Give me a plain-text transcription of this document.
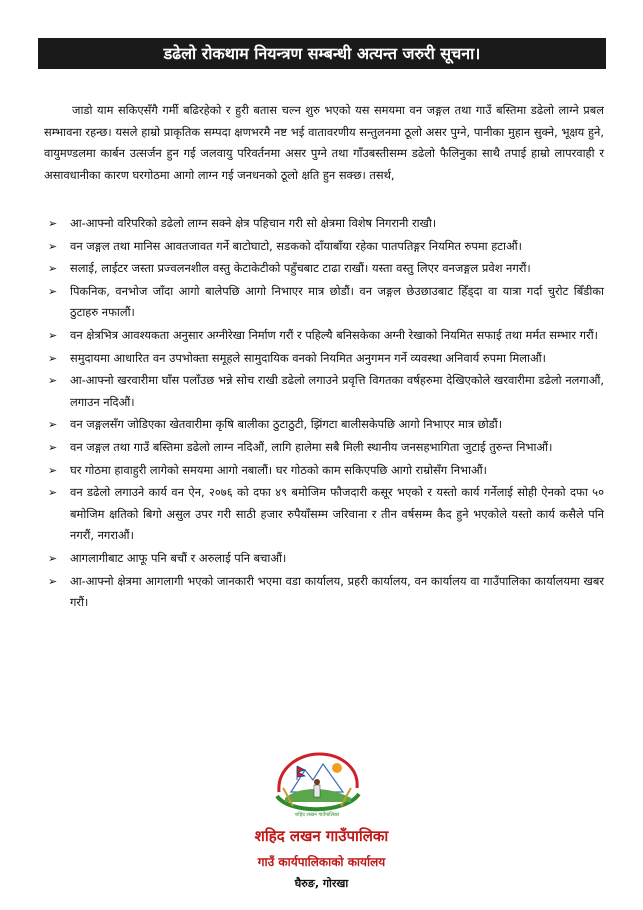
डढेलो रोकथाम नियन्त्रण सम्बन्धी अत्यन्त जरुरी सूचना।

जाडो याम सकिएसँगै गर्मी बढिरहेको र हुरी बतास चल्न शुरु भएको यस समयमा वन जङ्गल तथा गाउँ बस्तिमा डढेलो लाग्ने प्रबल सम्भावना रहन्छ। यसले हाम्रो प्राकृतिक सम्पदा क्षणभरमै नष्ट भई वातावरणीय सन्तुलनमा ठूलो असर पुग्ने, पानीका मुहान सुक्ने, भूक्षय हुने, वायुमण्डलमा कार्बन उत्सर्जन हुन गई जलवायु परिवर्तनमा असर पुग्ने तथा गाँउबस्तीसम्म डढेलो फैलिनुका साथै तपाई हाम्रो लापरवाही र असावधानीका कारण घरगोठमा आगो लाग्न गई जनधनको ठूलो क्षति हुन सक्छ। तसर्थ,

➢ आ-आफ्नो वरिपरिको डढेलो लाग्न सक्ने क्षेत्र पहिचान गरी सो क्षेत्रमा विशेष निगरानी राखौ।
➢ वन जङ्गल तथा मानिस आवतजावत गर्ने बाटोघाटो, सडकको दाँयाबाँया रहेका पातपतिङ्गर नियमित रुपमा हटाऔं।
➢ सलाई, लाईटर जस्ता प्रज्वलनशील वस्तु केटाकेटीको पहुँचबाट टाढा राखौं। यस्ता वस्तु लिएर वनजङ्गल प्रवेश नगरौं।
➢ पिकनिक, वनभोज जाँदा आगो बालेपछि आगो निभाएर मात्र छोडौं। वन जङ्गल छेउछाउबाट हिँड्दा वा यात्रा गर्दा चुरोट बिँडीका ठुटाहरु नफालौं।
➢ वन क्षेत्रभित्र आवश्यकता अनुसार अग्नीरेखा निर्माण गरौं र पहिल्यै बनिसकेका अग्नी रेखाको नियमित सफाई तथा मर्मत सम्भार गरौं।
➢ समुदायमा आधारित वन उपभोक्ता समूहले सामुदायिक वनको नियमित अनुगमन गर्ने व्यवस्था अनिवार्य रुपमा मिलाऔं।
➢ आ-आफ्नो खरवारीमा घाँस पलाँउछ भन्ने सोच राखी डढेलो लगाउने प्रवृत्ति विगतका वर्षहरुमा देखिएकोले खरवारीमा डढेलो नलगाऔं, लगाउन नदिऔं।
➢ वन जङ्गलसँग जोडिएका खेतवारीमा कृषि बालीका ठुटाठुटी, झिंगटा बालीसकेपछि आगो निभाएर मात्र छोडौं।
➢ वन जङ्गल तथा गाउँ बस्तिमा डढेलो लाग्न नदिऔं, लागि हालेमा सबै मिली स्थानीय जनसहभागिता जुटाई तुरुन्त निभाऔं।
➢ घर गोठमा हावाहुरी लागेको समयमा आगो नबालौं। घर गोठको काम सकिएपछि आगो राम्रोसँग निभाऔं।
➢ वन डढेलो लगाउने कार्य वन ऐन, २०७६ को दफा ४९ बमोजिम फौजदारी कसूर भएको र यस्तो कार्य गर्नेलाई सोही ऐनको दफा ५० बमोजिम क्षतिको बिगो असुल उपर गरी साठी हजार रुपैयाँसम्म जरिवाना र तीन वर्षसम्म कैद हुने भएकोले यस्तो कार्य कसैले पनि नगरौं, नगराऔं।
➢ आगलागीबाट आफू पनि बचौं र अरुलाई पनि बचाऔं।
➢ आ-आफ्नो क्षेत्रमा आगलागी भएको जानकारी भएमा वडा कार्यालय, प्रहरी कार्यालय, वन कार्यालय वा गाउँपालिका कार्यालयमा खबर गरौं।
शहिद लखन गाउँपालिका
शहिद लखन गाउँपालिका
गाउँ कार्यपालिकाको कार्यालय
घैरुङ, गोरखा
